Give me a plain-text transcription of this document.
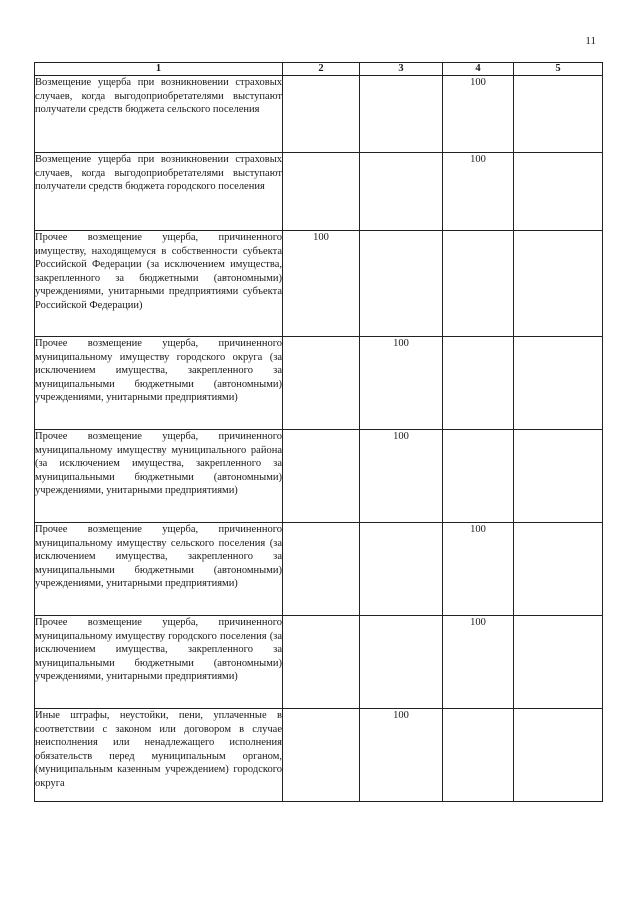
11
1	2	3	4	5
Возмещение ущерба при возникновении страховых случаев, когда выгодоприобретателями выступают получатели средств бюджета сельского поселения			100	
Возмещение ущерба при возникновении страховых случаев, когда выгодоприобретателями выступают получатели средств бюджета городского поселения			100	
Прочее возмещение ущерба, причиненного имуществу, находящемуся в собственности субъекта Российской Федерации (за исключением имущества, закрепленного за бюджетными (автономными) учреждениями, унитарными предприятиями субъекта Российской Федерации)	100			
Прочее возмещение ущерба, причиненного муниципальному имуществу городского округа (за исключением имущества, закрепленного за муниципальными бюджетными (автономными) учреждениями, унитарными предприятиями)		100		
Прочее возмещение ущерба, причиненного муниципальному имуществу муниципального района (за исключением имущества, закрепленного за муниципальными бюджетными (автономными) учреждениями, унитарными предприятиями)		100		
Прочее возмещение ущерба, причиненного муниципальному имуществу сельского поселения (за исключением имущества, закрепленного за муниципальными бюджетными (автономными) учреждениями, унитарными предприятиями)			100	
Прочее возмещение ущерба, причиненного муниципальному имуществу городского поселения (за исключением имущества, закрепленного за муниципальными бюджетными (автономными) учреждениями, унитарными предприятиями)			100	
Иные штрафы, неустойки, пени, уплаченные в соответствии с законом или договором в случае неисполнения или ненадлежащего исполнения обязательств перед муниципальным органом, (муниципальным казенным учреждением) городского округа		100		
